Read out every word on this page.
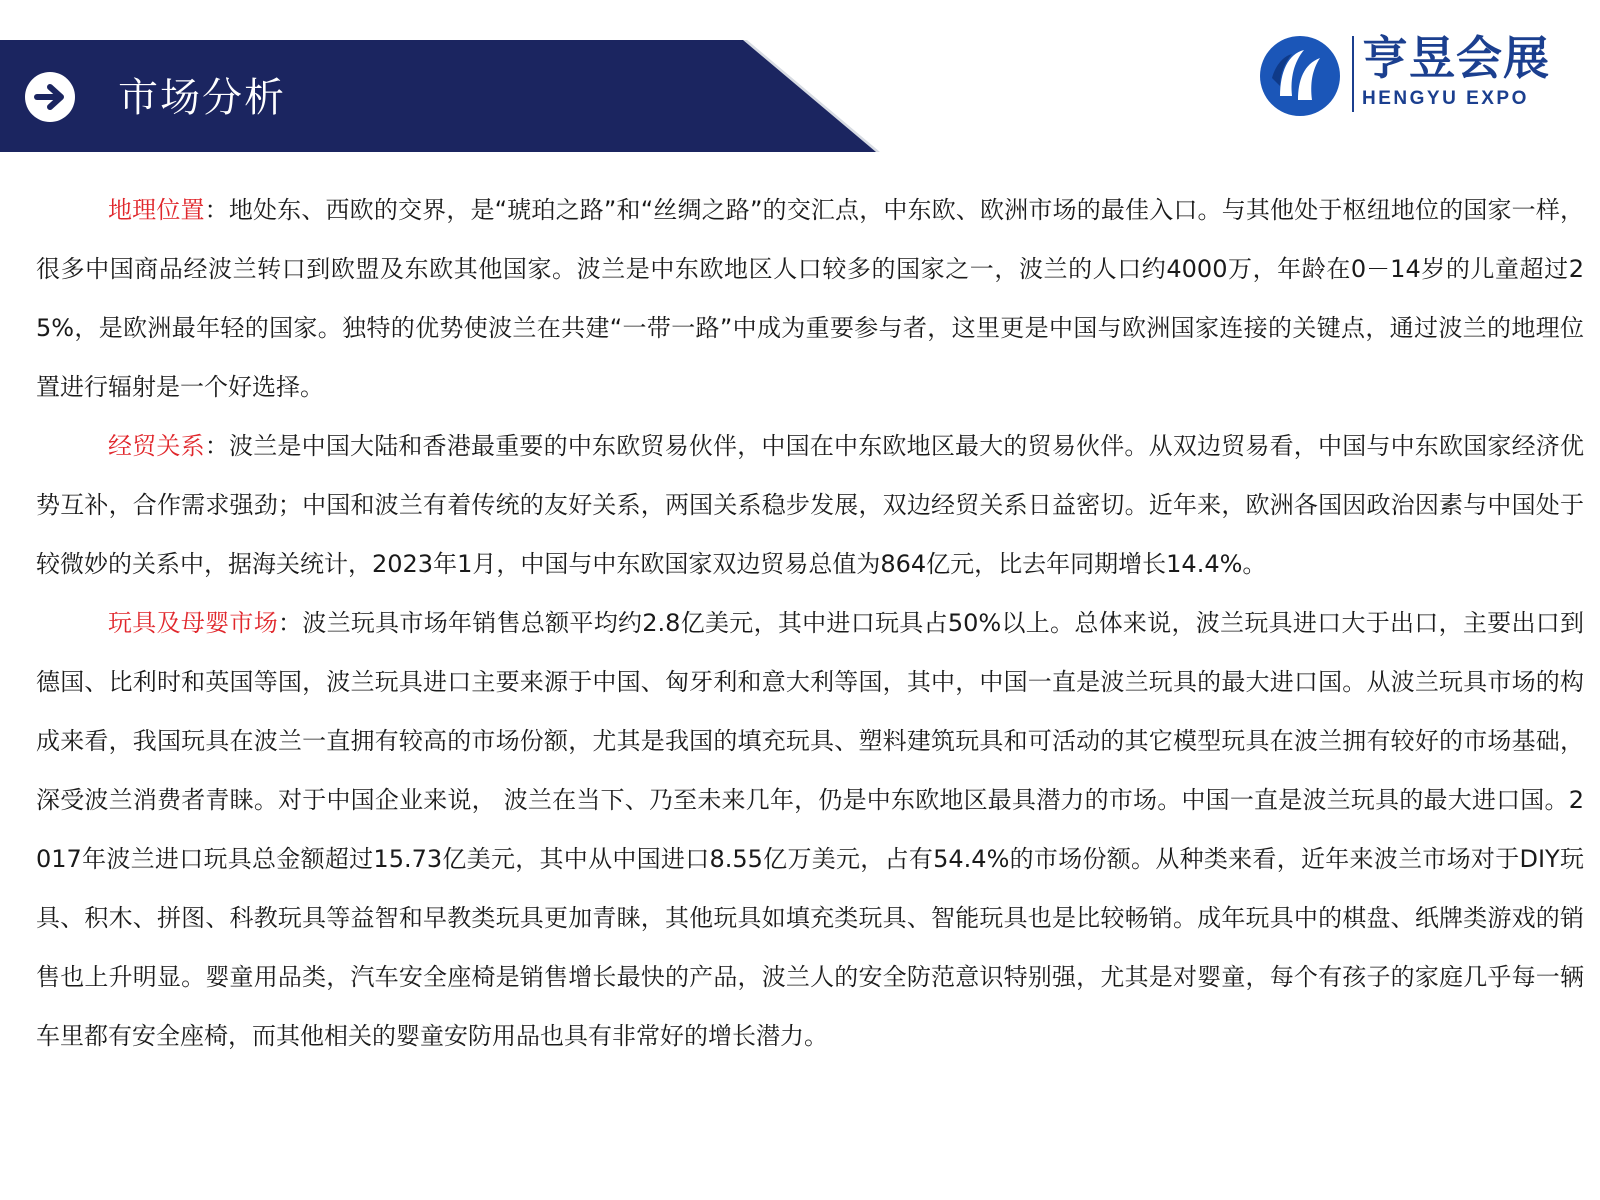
市场分析
亨昱会展
HENGYU EXPO

地理位置：地处东、西欧的交界，是“琥珀之路”和“丝绸之路”的交汇点，中东欧、欧洲市场的最佳入口。与其他处于枢纽地位的国家一样，很多中国商品经波兰转口到欧盟及东欧其他国家。波兰是中东欧地区人口较多的国家之一，波兰的人口约4000万，年龄在0－14岁的儿童超过25%，是欧洲最年轻的国家。独特的优势使波兰在共建“一带一路”中成为重要参与者，这里更是中国与欧洲国家连接的关键点，通过波兰的地理位置进行辐射是一个好选择。

经贸关系：波兰是中国大陆和香港最重要的中东欧贸易伙伴，中国在中东欧地区最大的贸易伙伴。从双边贸易看，中国与中东欧国家经济优势互补，合作需求强劲；中国和波兰有着传统的友好关系，两国关系稳步发展，双边经贸关系日益密切。近年来，欧洲各国因政治因素与中国处于较微妙的关系中，据海关统计，2023年1月，中国与中东欧国家双边贸易总值为864亿元，比去年同期增长14.4%。

玩具及母婴市场：波兰玩具市场年销售总额平均约2.8亿美元，其中进口玩具占50%以上。总体来说，波兰玩具进口大于出口，主要出口到德国、比利时和英国等国，波兰玩具进口主要来源于中国、匈牙利和意大利等国，其中，中国一直是波兰玩具的最大进口国。从波兰玩具市场的构成来看，我国玩具在波兰一直拥有较高的市场份额，尤其是我国的填充玩具、塑料建筑玩具和可活动的其它模型玩具在波兰拥有较好的市场基础，深受波兰消费者青睐。对于中国企业来说， 波兰在当下、乃至未来几年，仍是中东欧地区最具潜力的市场。中国一直是波兰玩具的最大进口国。2017年波兰进口玩具总金额超过15.73亿美元，其中从中国进口8.55亿万美元，占有54.4%的市场份额。从种类来看，近年来波兰市场对于DIY玩具、积木、拼图、科教玩具等益智和早教类玩具更加青睐，其他玩具如填充类玩具、智能玩具也是比较畅销。成年玩具中的棋盘、纸牌类游戏的销售也上升明显。婴童用品类，汽车安全座椅是销售增长最快的产品，波兰人的安全防范意识特别强，尤其是对婴童，每个有孩子的家庭几乎每一辆车里都有安全座椅，而其他相关的婴童安防用品也具有非常好的增长潜力。
